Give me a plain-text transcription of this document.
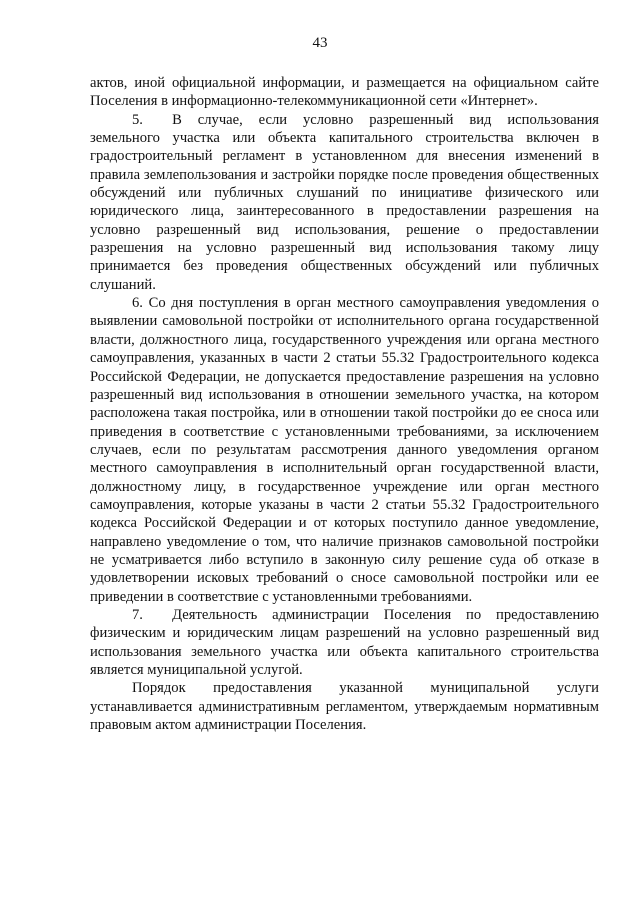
43

актов, иной официальной информации, и размещается на официальном сайте Поселения в информационно-телекоммуникационной сети «Интернет».

5.  В случае, если условно разрешенный вид использования земельного участка или объекта капитального строительства включен в градостроительный регламент в установленном для внесения изменений в правила землепользования и застройки порядке после проведения общественных обсуждений или публичных слушаний по инициативе физического или юридического лица, заинтересованного в предоставлении разрешения на условно разрешенный вид использования, решение о предоставлении разрешения на условно разрешенный вид использования такому лицу принимается без проведения общественных обсуждений или публичных слушаний.

6. Со дня поступления в орган местного самоуправления уведомления о выявлении самовольной постройки от исполнительного органа государственной власти, должностного лица, государственного учреждения или органа местного самоуправления, указанных в части 2 статьи 55.32 Градостроительного кодекса Российской Федерации, не допускается предоставление разрешения на условно разрешенный вид использования в отношении земельного участка, на котором расположена такая постройка, или в отношении такой постройки до ее сноса или приведения в соответствие с установленными требованиями, за исключением случаев, если по результатам рассмотрения данного уведомления органом местного самоуправления в исполнительный орган государственной власти, должностному лицу, в государственное учреждение или орган местного самоуправления, которые указаны в части 2 статьи 55.32 Градостроительного кодекса Российской Федерации и от которых поступило данное уведомление, направлено уведомление о том, что наличие признаков самовольной постройки не усматривается либо вступило в законную силу решение суда об отказе в удовлетворении исковых требований о сносе самовольной постройки или ее приведении в соответствие с установленными требованиями.

7.  Деятельность администрации Поселения по предоставлению физическим и юридическим лицам разрешений на условно разрешенный вид использования земельного участка или объекта капитального строительства является муниципальной услугой.

Порядок предоставления указанной муниципальной услуги устанавливается административным регламентом, утверждаемым нормативным правовым актом администрации Поселения.
